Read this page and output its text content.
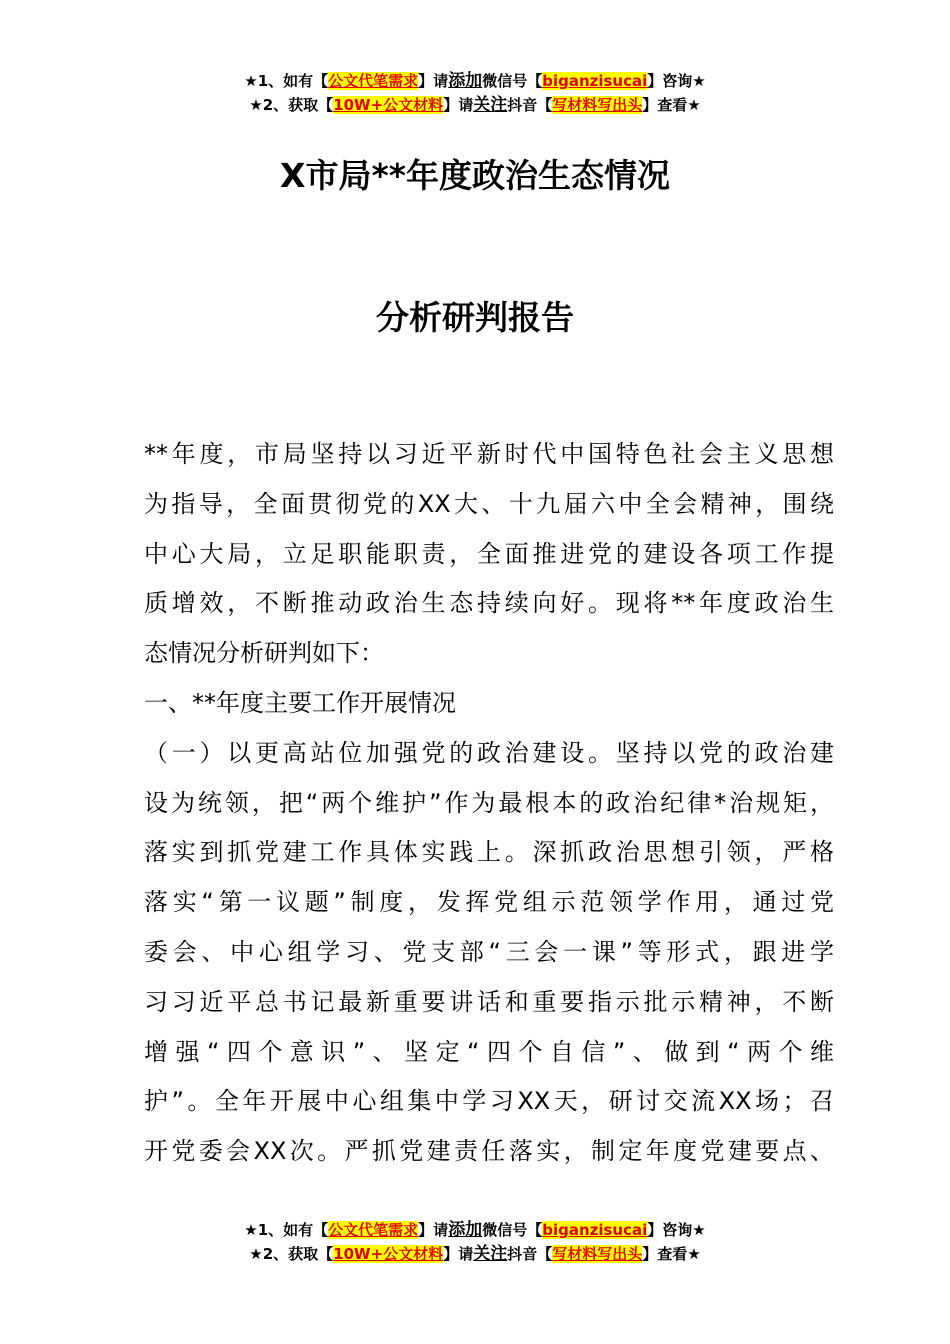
★1、如有【公文代笔需求】请添加微信号【biganzisucai】咨询★
★2、获取【10W+公文材料】请关注抖音【写材料写出头】查看★
X市局**年度政治生态情况
分析研判报告
**年度，市局坚持以习近平新时代中国特色社会主义思想
为指导，全面贯彻党的XX大、十九届六中全会精神，围绕
中心大局，立足职能职责，全面推进党的建设各项工作提
质增效，不断推动政治生态持续向好。现将**年度政治生
态情况分析研判如下：
一、**年度主要工作开展情况
（一）以更高站位加强党的政治建设。坚持以党的政治建
设为统领，把“两个维护”作为最根本的政治纪律*治规矩，
落实到抓党建工作具体实践上。深抓政治思想引领，严格
落实“第一议题”制度，发挥党组示范领学作用，通过党
委会、中心组学习、党支部“三会一课”等形式，跟进学
习习近平总书记最新重要讲话和重要指示批示精神，不断
增强“四个意识”、坚定“四个自信”、做到“两个维
护”。全年开展中心组集中学习XX天，研讨交流XX场；召
开党委会XX次。严抓党建责任落实，制定年度党建要点、
★1、如有【公文代笔需求】请添加微信号【biganzisucai】咨询★
★2、获取【10W+公文材料】请关注抖音【写材料写出头】查看★
